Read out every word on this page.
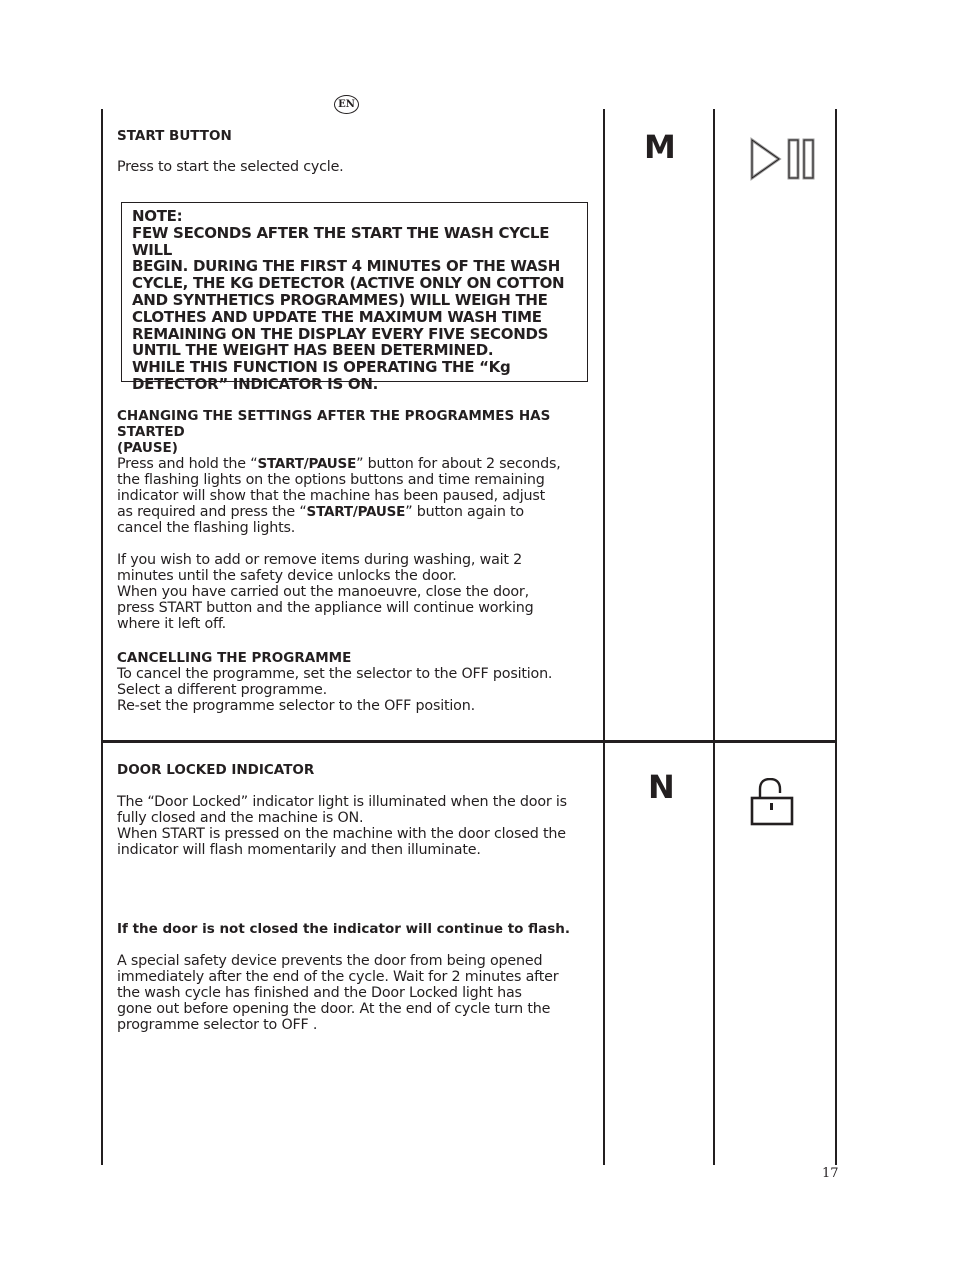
EN
M

START BUTTON

Press to start the selected cycle.

NOTE:
FEW SECONDS AFTER THE START THE WASH CYCLE WILL
BEGIN. DURING THE FIRST 4 MINUTES OF THE WASH
CYCLE, THE KG DETECTOR (ACTIVE ONLY ON COTTON
AND SYNTHETICS PROGRAMMES) WILL WEIGH THE
CLOTHES AND UPDATE THE MAXIMUM WASH TIME
REMAINING ON THE DISPLAY EVERY FIVE SECONDS
UNTIL THE WEIGHT HAS BEEN DETERMINED.
WHILE THIS FUNCTION IS OPERATING THE “Kg
DETECTOR” INDICATOR IS ON.

CHANGING THE SETTINGS AFTER THE PROGRAMMES HAS STARTED

(PAUSE)

Press and hold the “START/PAUSE” button for about 2 seconds,

the flashing lights on the options buttons and time remaining

indicator will show that the machine has been paused, adjust

as required and press the “START/PAUSE” button again to

cancel the flashing lights.

If you wish to add or remove items during washing, wait 2

minutes until the safety device unlocks the door.

When you have carried out the manoeuvre, close the door,

press START button and the appliance will continue working

where it left off.

CANCELLING THE PROGRAMME

To cancel the programme, set the selector to the OFF position.

Select a different programme.

Re-set the programme selector to the OFF position.

N

DOOR LOCKED INDICATOR

The “Door Locked” indicator light is illuminated when the door is

fully closed and the machine is ON.

When START is pressed on the machine with the door closed the

indicator will flash momentarily and then illuminate.

If the door is not closed the indicator will continue to flash.

A special safety device prevents the door from being opened

immediately after the end of the cycle. Wait for 2 minutes after

the wash cycle has finished and the Door Locked light has

gone out before opening the door. At the end of cycle turn the

programme selector to OFF .

17
